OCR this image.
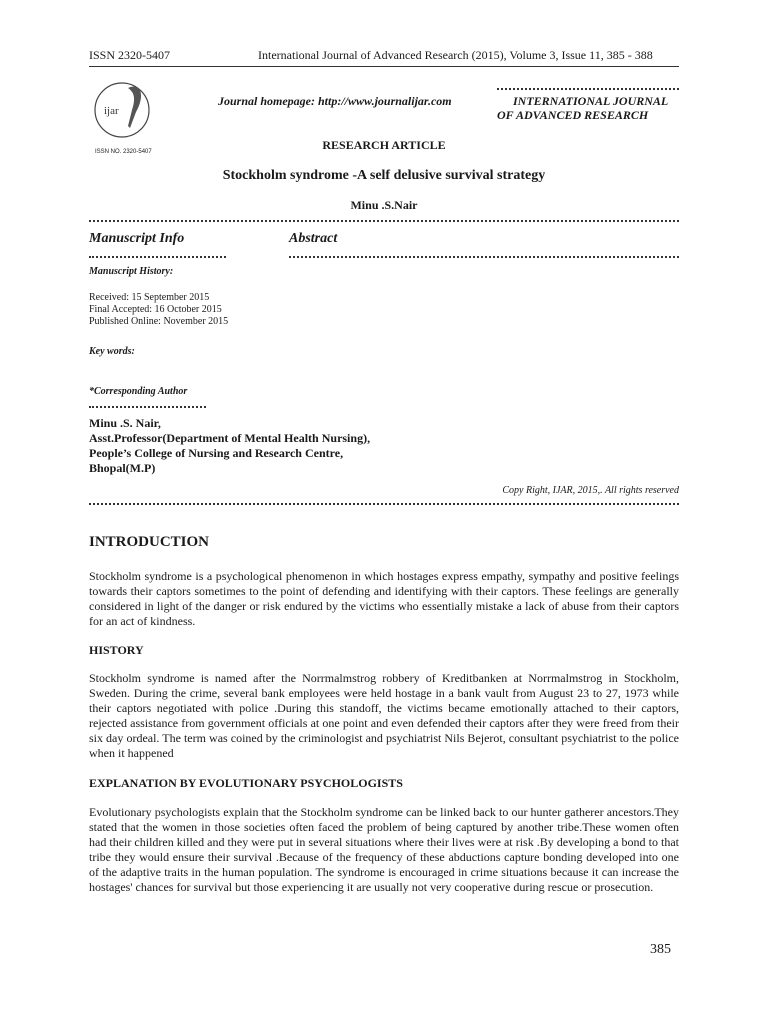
ISSN 2320-5407	International Journal of Advanced Research (2015), Volume 3, Issue 11, 385 - 388
ijar
ISSN NO. 2320-5407
Journal homepage: http://www.journalijar.com	INTERNATIONAL JOURNAL
OF ADVANCED RESEARCH
RESEARCH ARTICLE
Stockholm syndrome -A self delusive survival strategy
Minu .S.Nair
Manuscript Info	Abstract
Manuscript History:
Received: 15 September 2015
Final Accepted: 16 October 2015
Published Online: November 2015
Key words:
*Corresponding Author
Minu .S. Nair,
Asst.Professor(Department of Mental Health Nursing),
People’s College of Nursing and Research Centre,
Bhopal(M.P)
Copy Right, IJAR, 2015,. All rights reserved
INTRODUCTION
Stockholm syndrome is a psychological phenomenon in which hostages express empathy, sympathy and positive feelings towards their captors sometimes to the point of defending and identifying with their captors. These feelings are generally considered in light of the danger or risk endured by the victims who essentially mistake a lack of abuse from their captors for an act of kindness.
HISTORY
Stockholm syndrome is named after the Norrmalmstrog robbery of Kreditbanken at Norrmalmstrog in Stockholm, Sweden. During the crime, several bank employees were held hostage in a bank vault from August 23 to 27, 1973 while their captors negotiated with police .During this standoff, the victims became emotionally attached to their captors, rejected assistance from government officials at one point and even defended their captors after they were freed from their six day ordeal. The term was coined by the criminologist and psychiatrist Nils Bejerot, consultant psychiatrist to the police when it happened
EXPLANATION BY EVOLUTIONARY PSYCHOLOGISTS
Evolutionary psychologists explain that the Stockholm syndrome can be linked back to our hunter gatherer ancestors.They stated that the women in those societies often faced the problem of being captured by another tribe.These women often had their children killed and they were put in several situations where their lives were at risk .By developing a bond to that tribe they would ensure their survival .Because of the frequency of these abductions capture bonding developed into one of the adaptive traits in the human population. The syndrome is encouraged in crime situations because it can increase the hostages' chances for survival but those experiencing it are usually not very cooperative during rescue or prosecution.
385
